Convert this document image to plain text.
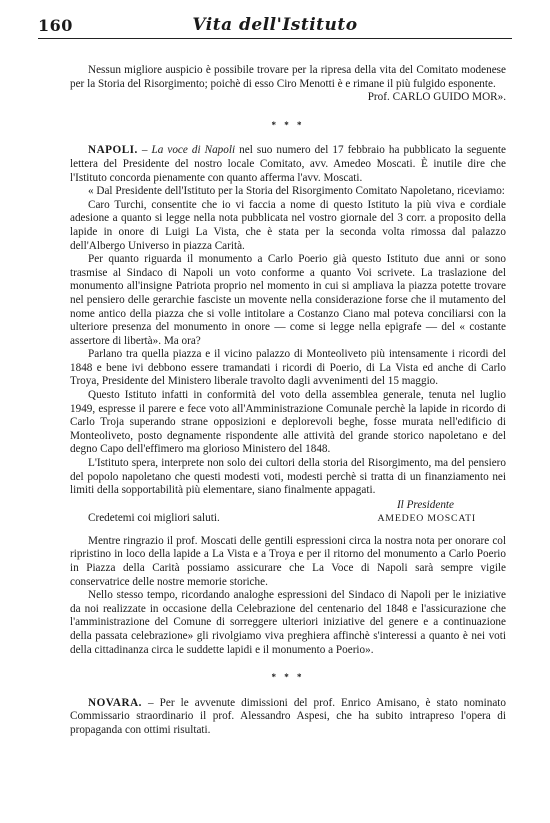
160	Vita dell'Istituto

Nessun migliore auspicio è possibile trovare per la ripresa della vita del Comitato modenese per la Storia del Risorgimento; poichè di esso Ciro Menotti è e rimane il più fulgido esponente.

Prof. CARLO GUIDO MOR».

* * *

NAPOLI. – La voce di Napoli nel suo numero del 17 febbraio ha pubblicato la seguente lettera del Presidente del nostro locale Comitato, avv. Amedeo Moscati. È inutile dire che l'Istituto concorda pienamente con quanto afferma l'avv. Moscati.

« Dal Presidente dell'Istituto per la Storia del Risorgimento Comitato Napoletano, riceviamo:

Caro Turchi, consentite che io vi faccia a nome di questo Istituto la più viva e cordiale adesione a quanto si legge nella nota pubblicata nel vostro giornale del 3 corr. a proposito della lapide in onore di Luigi La Vista, che è stata per la seconda volta rimossa dal palazzo dell'Albergo Universo in piazza Carità.

Per quanto riguarda il monumento a Carlo Poerio già questo Istituto due anni or sono trasmise al Sindaco di Napoli un voto conforme a quanto Voi scrivete. La traslazione del monumento all'insigne Patriota proprio nel momento in cui si ampliava la piazza potette trovare nel pensiero delle gerarchie fasciste un movente nella considerazione forse che il mutamento del nome antico della piazza che si volle intitolare a Costanzo Ciano mal poteva conciliarsi con la ulteriore presenza del monumento in onore — come si legge nella epigrafe — del « costante assertore di libertà». Ma ora?

Parlano tra quella piazza e il vicino palazzo di Monteoliveto più intensamente i ricordi del 1848 e bene ivi debbono essere tramandati i ricordi di Poerio, di La Vista ed anche di Carlo Troya, Presidente del Ministero liberale travolto dagli avvenimenti del 15 maggio.

Questo Istituto infatti in conformità del voto della assemblea generale, tenuta nel luglio 1949, espresse il parere e fece voto all'Amministrazione Comunale perchè la lapide in ricordo di Carlo Troja superando strane opposizioni e deplorevoli beghe, fosse murata nell'edificio di Monteoliveto, posto degnamente rispondente alle attività del grande storico napoletano e del degno Capo dell'effimero ma glorioso Ministero del 1848.

L'Istituto spera, interprete non solo dei cultori della storia del Risorgimento, ma del pensiero del popolo napoletano che questi modesti voti, modesti perchè si tratta di un finanziamento nei limiti della sopportabilità più elementare, siano finalmente appagati.

Credetemi coi migliori saluti.
Il Presidente
AMEDEO MOSCATI

Mentre ringrazio il prof. Moscati delle gentili espressioni circa la nostra nota per onorare col ripristino in loco della lapide a La Vista e a Troya e per il ritorno del monumento a Carlo Poerio in Piazza della Carità possiamo assicurare che La Voce di Napoli sarà sempre vigile conservatrice delle nostre memorie storiche.

Nello stesso tempo, ricordando analoghe espressioni del Sindaco di Napoli per le iniziative da noi realizzate in occasione della Celebrazione del centenario del 1848 e l'assicurazione che l'amministrazione del Comune di sorreggere ulteriori iniziative del genere e a continuazione della passata celebrazione» gli rivolgiamo viva preghiera affinchè s'interessi a quanto è nei voti della cittadinanza circa le suddette lapidi e il monumento a Poerio».

* * *

NOVARA. – Per le avvenute dimissioni del prof. Enrico Amisano, è stato nominato Commissario straordinario il prof. Alessandro Aspesi, che ha subito intrapreso l'opera di propaganda con ottimi risultati.
